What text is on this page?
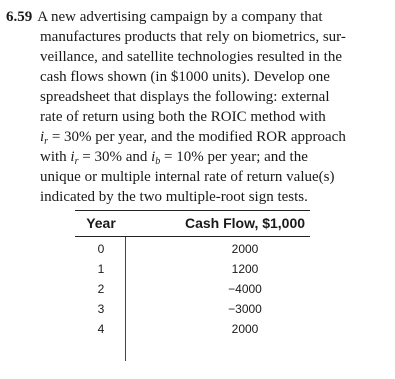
6.59 A new advertising campaign by a company that
manufactures products that rely on biometrics, sur-
veillance, and satellite technologies resulted in the
cash flows shown (in $1000 units). Develop one
spreadsheet that displays the following: external
rate of return using both the ROIC method with
$i_r = 30\%$ per year, and the modified ROR approach
with $i_r = 30\%$ and $i_b = 10\%$ per year; and the
unique or multiple internal rate of return value(s)
indicated by the two multiple-root sign tests.
Year	Cash Flow, $1,000
0	2000
1	1200
2	−4000
3	−3000
4	2000
